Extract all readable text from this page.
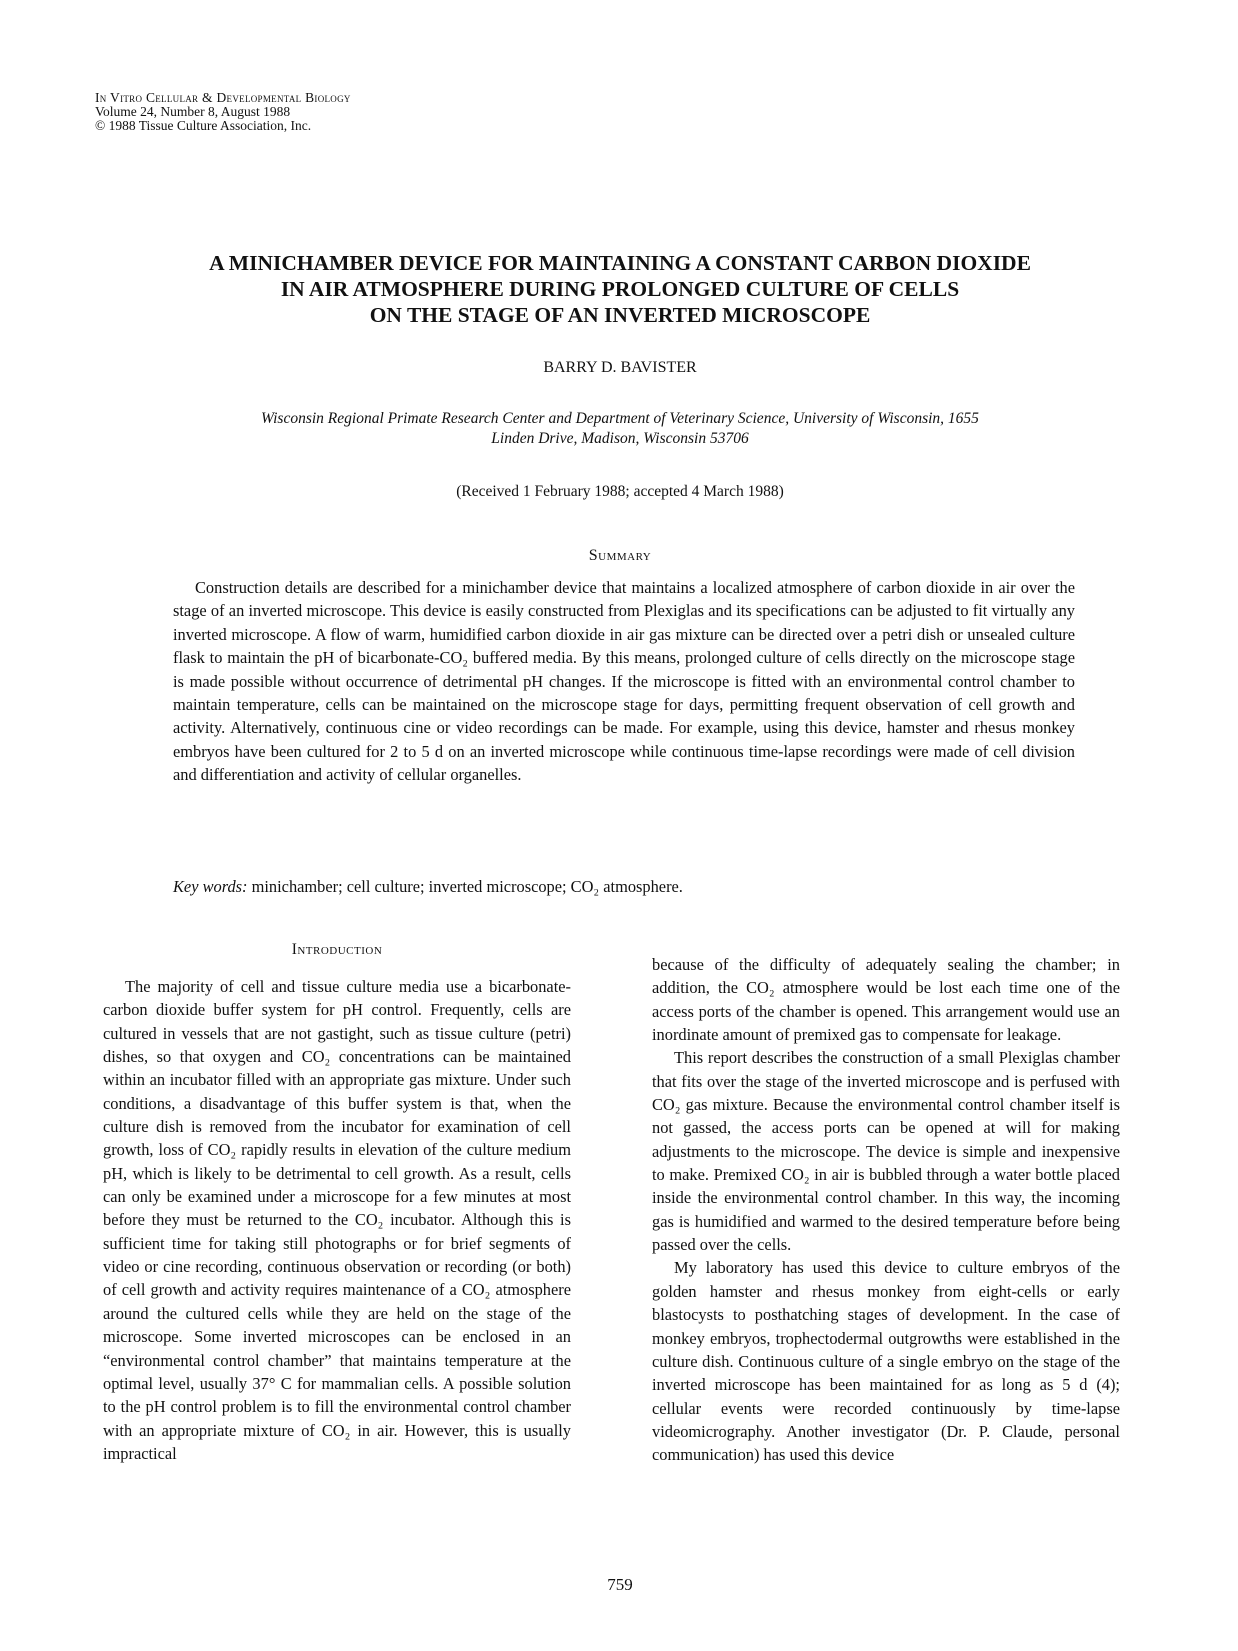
In Vitro Cellular & Developmental Biology
Volume 24, Number 8, August 1988
© 1988 Tissue Culture Association, Inc.
A MINICHAMBER DEVICE FOR MAINTAINING A CONSTANT CARBON DIOXIDE
IN AIR ATMOSPHERE DURING PROLONGED CULTURE OF CELLS
ON THE STAGE OF AN INVERTED MICROSCOPE
BARRY D. BAVISTER
Wisconsin Regional Primate Research Center and Department of Veterinary Science, University of Wisconsin, 1655 Linden Drive, Madison, Wisconsin 53706
(Received 1 February 1988; accepted 4 March 1988)
Summary

Construction details are described for a minichamber device that maintains a localized atmosphere of carbon dioxide in air over the stage of an inverted microscope. This device is easily constructed from Plexiglas and its specifications can be adjusted to fit virtually any inverted microscope. A flow of warm, humidified carbon dioxide in air gas mixture can be directed over a petri dish or unsealed culture flask to maintain the pH of bicarbonate-CO₂ buffered media. By this means, prolonged culture of cells directly on the microscope stage is made possible without occurrence of detrimental pH changes. If the microscope is fitted with an environmental control chamber to maintain temperature, cells can be maintained on the microscope stage for days, permitting frequent observation of cell growth and activity. Alternatively, continuous cine or video recordings can be made. For example, using this device, hamster and rhesus monkey embryos have been cultured for 2 to 5 d on an inverted microscope while continuous time-lapse recordings were made of cell division and differentiation and activity of cellular organelles.

Key words: minichamber; cell culture; inverted microscope; CO₂ atmosphere.
Introduction

The majority of cell and tissue culture media use a bicarbonate-carbon dioxide buffer system for pH control. Frequently, cells are cultured in vessels that are not gastight, such as tissue culture (petri) dishes, so that oxygen and CO₂ concentrations can be maintained within an incubator filled with an appropriate gas mixture. Under such conditions, a disadvantage of this buffer system is that, when the culture dish is removed from the incubator for examination of cell growth, loss of CO₂ rapidly results in elevation of the culture medium pH, which is likely to be detrimental to cell growth. As a result, cells can only be examined under a microscope for a few minutes at most before they must be returned to the CO₂ incubator. Although this is sufficient time for taking still photographs or for brief segments of video or cine recording, continuous observation or recording (or both) of cell growth and activity requires maintenance of a CO₂ atmosphere around the cultured cells while they are held on the stage of the microscope. Some inverted microscopes can be enclosed in an “environmental control chamber” that maintains temperature at the optimal level, usually 37° C for mammalian cells. A possible solution to the pH control problem is to fill the environmental control chamber with an appropriate mixture of CO₂ in air. However, this is usually impractical

because of the difficulty of adequately sealing the chamber; in addition, the CO₂ atmosphere would be lost each time one of the access ports of the chamber is opened. This arrangement would use an inordinate amount of premixed gas to compensate for leakage.

This report describes the construction of a small Plexiglas chamber that fits over the stage of the inverted microscope and is perfused with CO₂ gas mixture. Because the environmental control chamber itself is not gassed, the access ports can be opened at will for making adjustments to the microscope. The device is simple and inexpensive to make. Premixed CO₂ in air is bubbled through a water bottle placed inside the environmental control chamber. In this way, the incoming gas is humidified and warmed to the desired temperature before being passed over the cells.

My laboratory has used this device to culture embryos of the golden hamster and rhesus monkey from eight-cells or early blastocysts to posthatching stages of development. In the case of monkey embryos, trophectodermal outgrowths were established in the culture dish. Continuous culture of a single embryo on the stage of the inverted microscope has been maintained for as long as 5 d (4); cellular events were recorded continuously by time-lapse videomicrography. Another investigator (Dr. P. Claude, personal communication) has used this device

759
